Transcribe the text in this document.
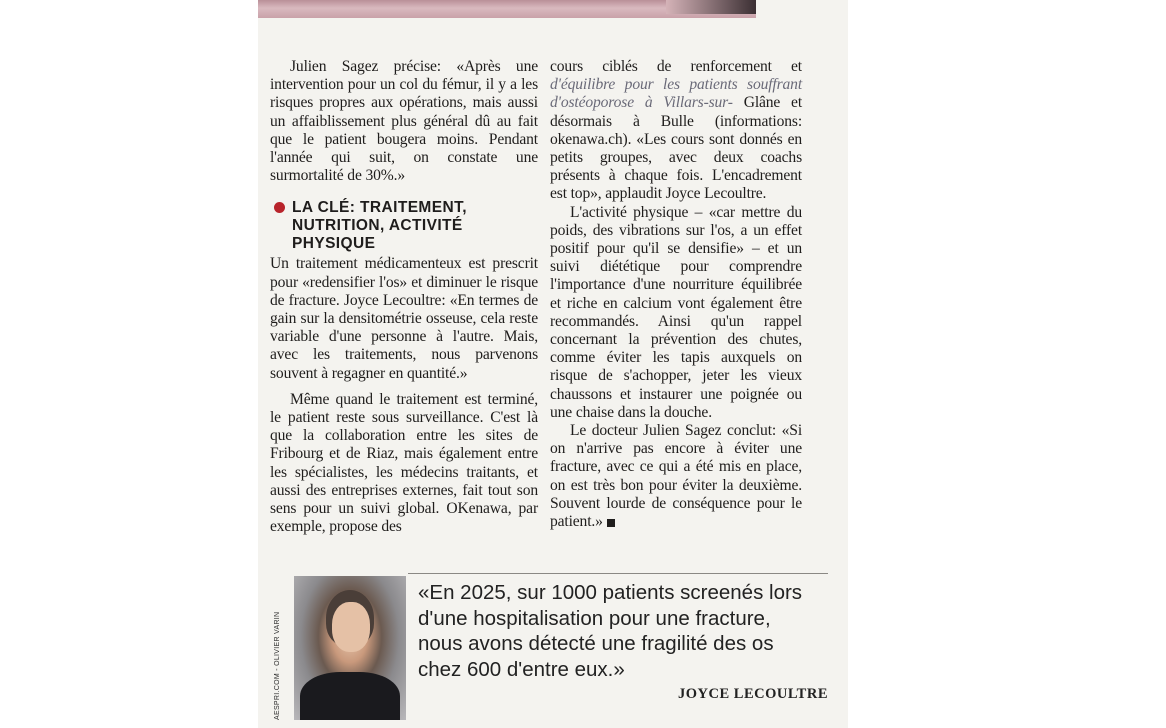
Julien Sagez précise: «Après une intervention pour un col du fémur, il y a les risques propres aux opérations, mais aussi un affaiblissement plus général dû au fait que le patient bougera moins. Pendant l'année qui suit, on constate une surmortalité de 30%.»

LA CLÉ: TRAITEMENT, NUTRITION, ACTIVITÉ PHYSIQUE

Un traitement médicamenteux est prescrit pour «redensifier l'os» et diminuer le risque de fracture. Joyce Lecoultre: «En termes de gain sur la densitométrie osseuse, cela reste variable d'une personne à l'autre. Mais, avec les traitements, nous parvenons souvent à regagner en quantité.»

Même quand le traitement est terminé, le patient reste sous surveillance. C'est là que la collaboration entre les sites de Fribourg et de Riaz, mais également entre les spécialistes, les médecins traitants, et aussi des entreprises externes, fait tout son sens pour un suivi global. OKenawa, par exemple, propose des

cours ciblés de renforcement et d'équilibre pour les patients souffrant d'ostéoporose à Villars-sur- Glâne et désormais à Bulle (informations: okenawa.ch). «Les cours sont donnés en petits groupes, avec deux coachs présents à chaque fois. L'encadrement est top», applaudit Joyce Lecoultre.

L'activité physique – «car mettre du poids, des vibrations sur l'os, a un effet positif pour qu'il se densifie» – et un suivi diététique pour comprendre l'importance d'une nourriture équilibrée et riche en calcium vont également être recommandés. Ainsi qu'un rappel concernant la prévention des chutes, comme éviter les tapis auxquels on risque de s'achopper, jeter les vieux chaussons et instaurer une poignée ou une chaise dans la douche.

Le docteur Julien Sagez conclut: «Si on n'arrive pas encore à éviter une fracture, avec ce qui a été mis en place, on est très bon pour éviter la deuxième. Souvent lourde de conséquence pour le patient.»

AESPRI.COM - OLIVIER VARIN
«En 2025, sur 1000 patients screenés lors d'une hospitalisation pour une fracture, nous avons détecté une fragilité des os chez 600 d'entre eux.»
JOYCE LECOULTRE
